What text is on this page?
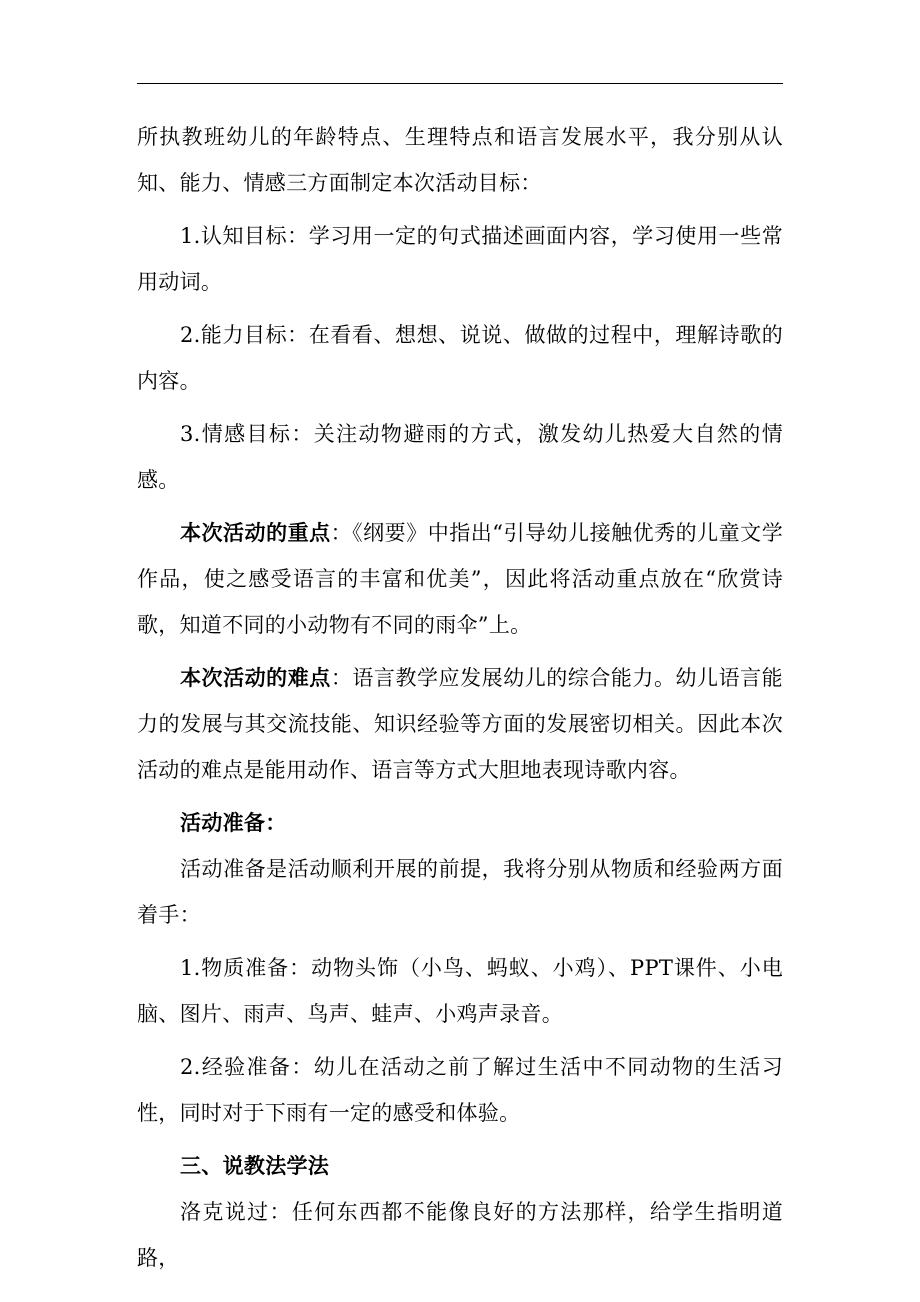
所执教班幼儿的年龄特点、生理特点和语言发展水平，我分别从认知、能力、情感三方面制定本次活动目标：

1.认知目标：学习用一定的句式描述画面内容，学习使用一些常用动词。

2.能力目标：在看看、想想、说说、做做的过程中，理解诗歌的内容。

3.情感目标：关注动物避雨的方式，激发幼儿热爱大自然的情感。

本次活动的重点：《纲要》中指出“引导幼儿接触优秀的儿童文学作品，使之感受语言的丰富和优美”，因此将活动重点放在“欣赏诗歌，知道不同的小动物有不同的雨伞”上。

本次活动的难点：语言教学应发展幼儿的综合能力。幼儿语言能力的发展与其交流技能、知识经验等方面的发展密切相关。因此本次活动的难点是能用动作、语言等方式大胆地表现诗歌内容。

活动准备：

活动准备是活动顺利开展的前提，我将分别从物质和经验两方面着手：

1.物质准备：动物头饰（小鸟、蚂蚁、小鸡）、PPT课件、小电脑、图片、雨声、鸟声、蛙声、小鸡声录音。

2.经验准备：幼儿在活动之前了解过生活中不同动物的生活习性，同时对于下雨有一定的感受和体验。

三、说教法学法

洛克说过：任何东西都不能像良好的方法那样，给学生指明道路，
